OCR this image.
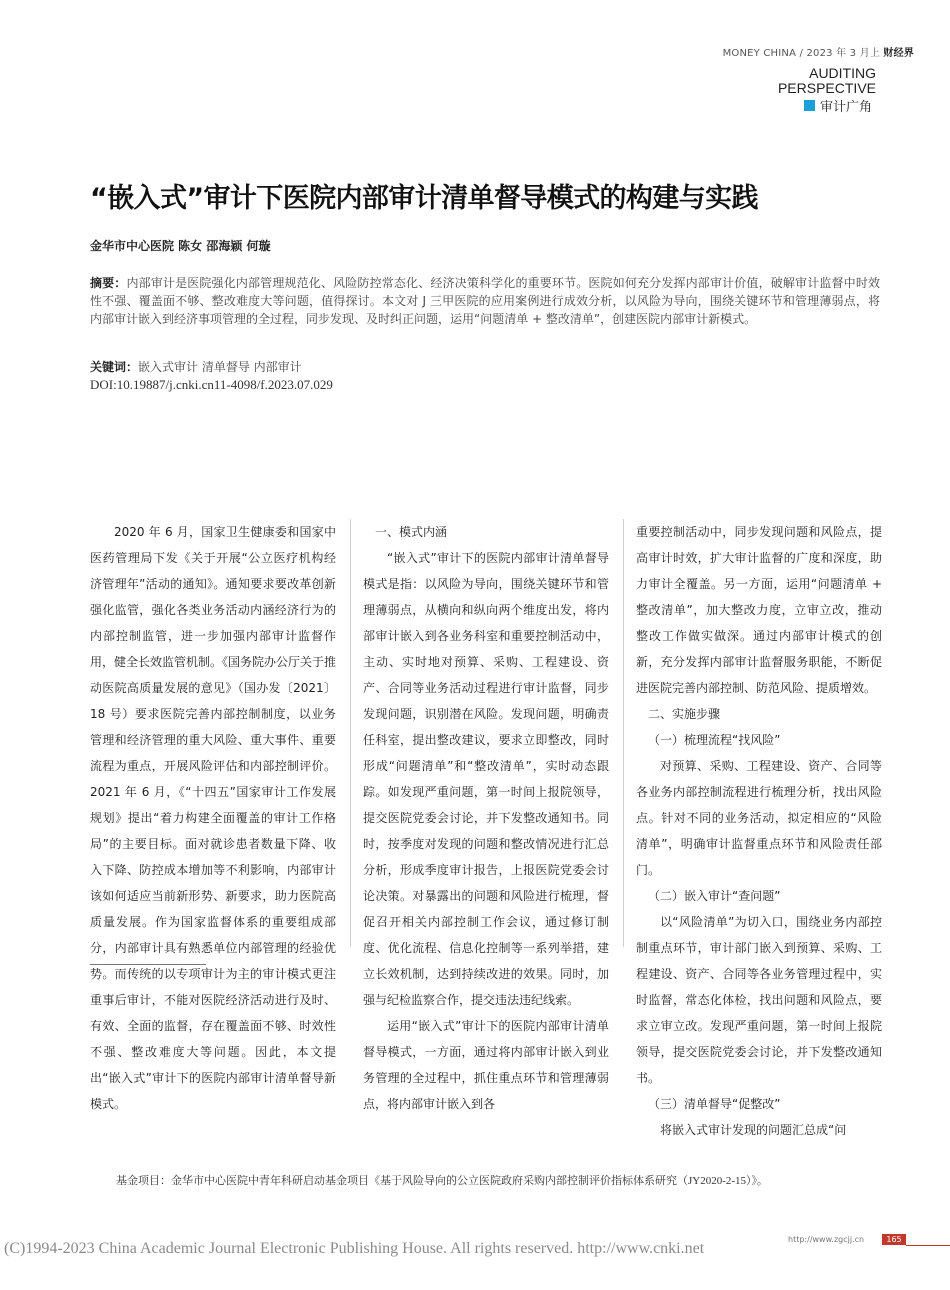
MONEY CHINA / 2023 年 3 月上 财经界
AUDITING
PERSPECTIVE
审计广角
“嵌入式”审计下医院内部审计清单督导模式的构建与实践
金华市中心医院 陈女 邵海颖 何璇
摘要：内部审计是医院强化内部管理规范化、风险防控常态化、经济决策科学化的重要环节。医院如何充分发挥内部审计价值，破解审计监督中时效性不强、覆盖面不够、整改难度大等问题，值得探讨。本文对 J 三甲医院的应用案例进行成效分析，以风险为导向，围绕关键环节和管理薄弱点，将内部审计嵌入到经济事项管理的全过程，同步发现、及时纠正问题，运用“问题清单 + 整改清单”，创建医院内部审计新模式。
关键词：嵌入式审计 清单督导 内部审计
DOI:10.19887/j.cnki.cn11-4098/f.2023.07.029

2020 年 6 月，国家卫生健康委和国家中医药管理局下发《关于开展“公立医疗机构经济管理年”活动的通知》。通知要求要改革创新强化监管，强化各类业务活动内涵经济行为的内部控制监管，进一步加强内部审计监督作用，健全长效监管机制。《国务院办公厅关于推动医院高质量发展的意见》（国办发〔2021〕18 号）要求医院完善内部控制制度，以业务管理和经济管理的重大风险、重大事件、重要流程为重点，开展风险评估和内部控制评价。2021 年 6 月，《“十四五”国家审计工作发展规划》提出“着力构建全面覆盖的审计工作格局”的主要目标。面对就诊患者数量下降、收入下降、防控成本增加等不利影响，内部审计该如何适应当前新形势、新要求，助力医院高质量发展。作为国家监督体系的重要组成部分，内部审计具有熟悉单位内部管理的经验优势。而传统的以专项审计为主的审计模式更注重事后审计，不能对医院经济活动进行及时、有效、全面的监督，存在覆盖面不够、时效性不强、整改难度大等问题。因此，本文提出“嵌入式”审计下的医院内部审计清单督导新模式。

一、模式内涵

“嵌入式”审计下的医院内部审计清单督导模式是指：以风险为导向，围绕关键环节和管理薄弱点，从横向和纵向两个维度出发，将内部审计嵌入到各业务科室和重要控制活动中，主动、实时地对预算、采购、工程建设、资产、合同等业务活动过程进行审计监督，同步发现问题，识别潜在风险。发现问题，明确责任科室，提出整改建议，要求立即整改，同时形成“问题清单”和“整改清单”，实时动态跟踪。如发现严重问题，第一时间上报院领导，提交医院党委会讨论，并下发整改通知书。同时，按季度对发现的问题和整改情况进行汇总分析，形成季度审计报告，上报医院党委会讨论决策。对暴露出的问题和风险进行梳理，督促召开相关内部控制工作会议，通过修订制度、优化流程、信息化控制等一系列举措，建立长效机制，达到持续改进的效果。同时，加强与纪检监察合作，提交违法违纪线索。

运用“嵌入式”审计下的医院内部审计清单督导模式，一方面，通过将内部审计嵌入到业务管理的全过程中，抓住重点环节和管理薄弱点，将内部审计嵌入到各

重要控制活动中，同步发现问题和风险点，提高审计时效，扩大审计监督的广度和深度，助力审计全覆盖。另一方面，运用“问题清单 + 整改清单”，加大整改力度，立审立改，推动整改工作做实做深。通过内部审计模式的创新，充分发挥内部审计监督服务职能，不断促进医院完善内部控制、防范风险、提质增效。

二、实施步骤

（一）梳理流程“找风险”

对预算、采购、工程建设、资产、合同等各业务内部控制流程进行梳理分析，找出风险点。针对不同的业务活动，拟定相应的“风险清单”，明确审计监督重点环节和风险责任部门。

（二）嵌入审计“查问题”

以“风险清单”为切入口，围绕业务内部控制重点环节，审计部门嵌入到预算、采购、工程建设、资产、合同等各业务管理过程中，实时监督，常态化体检，找出问题和风险点，要求立审立改。发现严重问题，第一时间上报院领导，提交医院党委会讨论，并下发整改通知书。

（三）清单督导“促整改”

将嵌入式审计发现的问题汇总成“问

基金项目：金华市中心医院中青年科研启动基金项目《基于风险导向的公立医院政府采购内部控制评价指标体系研究（JY2020-2-15）》。
(C)1994-2023 China Academic Journal Electronic Publishing House. All rights reserved. http://www.cnki.net
http://www.zgcjj.cn	165
